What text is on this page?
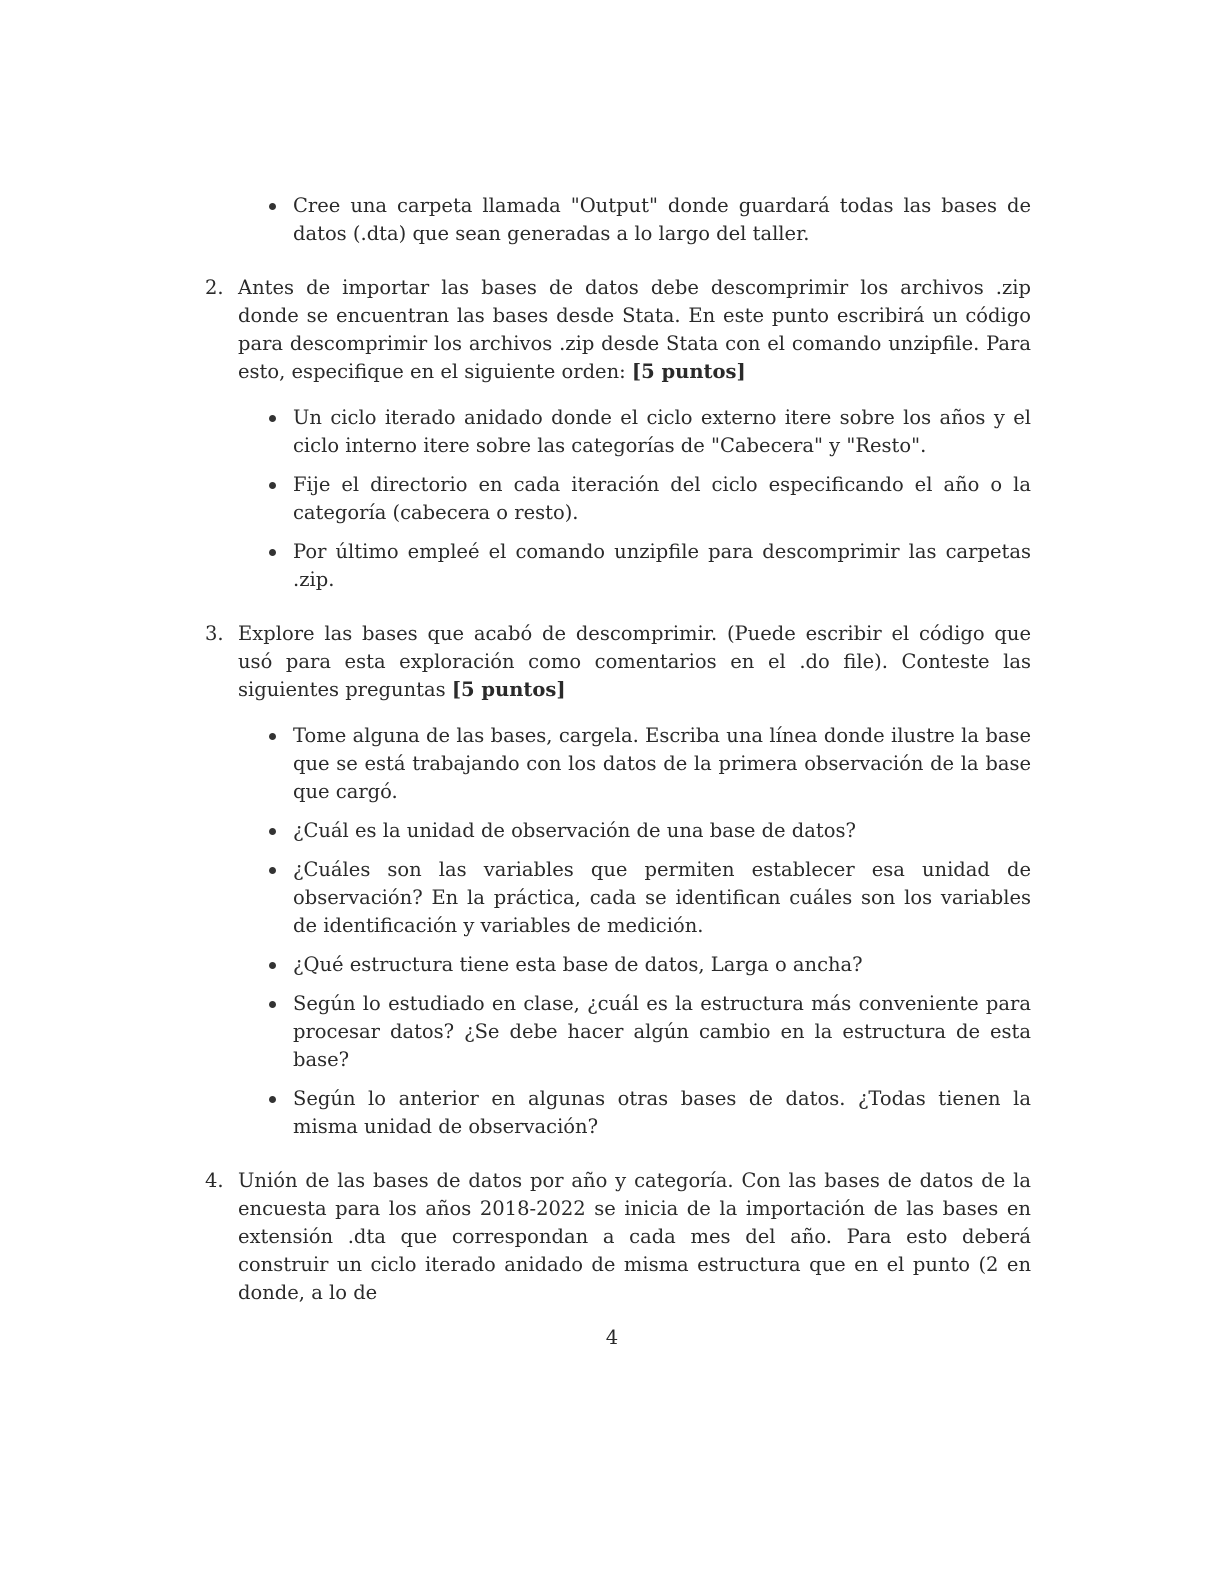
Cree una carpeta llamada "Output" donde guardará todas las bases de datos (.dta) que sean generadas a lo largo del taller.
2. Antes de importar las bases de datos debe descomprimir los archivos .zip donde se encuentran las bases desde Stata. En este punto escribirá un código para descomprimir los archivos .zip desde Stata con el comando unzipfile. Para esto, especifique en el siguiente orden: [5 puntos]
Un ciclo iterado anidado donde el ciclo externo itere sobre los años y el ciclo interno itere sobre las categorías de "Cabecera" y "Resto".
Fije el directorio en cada iteración del ciclo especificando el año o la categoría (cabecera o resto).
Por último empleé el comando unzipfile para descomprimir las carpetas .zip.
3. Explore las bases que acabó de descomprimir. (Puede escribir el código que usó para esta exploración como comentarios en el .do file). Conteste las siguientes preguntas [5 puntos]
Tome alguna de las bases, cargela. Escriba una línea donde ilustre la base que se está trabajando con los datos de la primera observación de la base que cargó.
¿Cuál es la unidad de observación de una base de datos?
¿Cuáles son las variables que permiten establecer esa unidad de observación? En la práctica, cada se identifican cuáles son los variables de identificación y variables de medición.
¿Qué estructura tiene esta base de datos, Larga o ancha?
Según lo estudiado en clase, ¿cuál es la estructura más conveniente para procesar datos? ¿Se debe hacer algún cambio en la estructura de esta base?
Según lo anterior en algunas otras bases de datos. ¿Todas tienen la misma unidad de observación?
4. Unión de las bases de datos por año y categoría. Con las bases de datos de la encuesta para los años 2018-2022 se inicia de la importación de las bases en extensión .dta que correspondan a cada mes del año. Para esto deberá construir un ciclo iterado anidado de misma estructura que en el punto (2 en donde, a lo de
4
